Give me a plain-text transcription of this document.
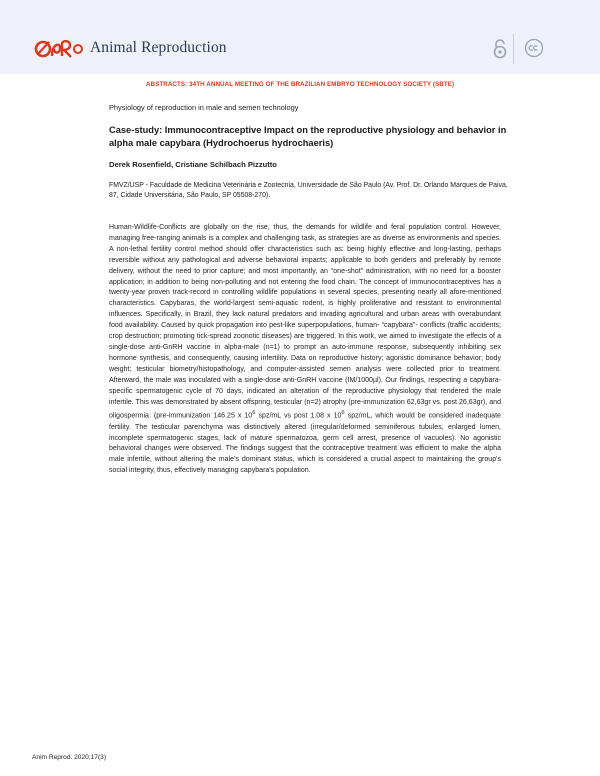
Animal Reproduction
ABSTRACTS: 34TH ANNUAL MEETING OF THE BRAZILIAN EMBRYO TECHNOLOGY SOCIETY (SBTE)
Physiology of reproduction in male and semen technology
Case-study: Immunocontraceptive Impact on the reproductive physiology and behavior in alpha male capybara (Hydrochoerus hydrochaeris)
Derek Rosenfield, Cristiane Schilbach Pizzutto
FMVZ/USP - Faculdade de Medicina Veterinária e Zootecnia, Universidade de São Paulo (Av. Prof. Dr. Orlando Marques de Paiva, 87, Cidade Universitária, São Paulo, SP 05508-270).
Human-Wildlife-Conflicts are globally on the rise, thus, the demands for wildlife and feral population control. However, managing free-ranging animals is a complex and challenging task, as strategies are as diverse as environments and species. A non-lethal fertility control method should offer characteristics such as: being highly effective and long-lasting, perhaps reversible without any pathological and adverse behavioral impacts; applicable to both genders and preferably by remote delivery, without the need to prior capture; and most importantly, an “one-shot” administration, with no need for a booster application; in addition to being non-polluting and not entering the food chain. The concept of immunocontraceptives has a twenty-year proven track-record in controlling wildlife populations in several species, presenting nearly all afore-mentioned characteristics. Capybaras, the world-largest semi-aquatic rodent, is highly proliferative and resistant to environmental influences. Specifically, in Brazil, they lack natural predators and invading agricultural and urban areas with overabundant food availability. Caused by quick propagation into pest-like superpopulations, human- “capybara”- conflicts (traffic accidents; crop destruction; promoting tick-spread zoonotic diseases) are triggered. In this work, we aimed to investigate the effects of a single-dose anti-GnRH vaccine in alpha-male (n=1) to prompt an auto-immune response, subsequently inhibiting sex hormone synthesis, and consequently, causing infertility. Data on reproductive history; agonistic dominance behavior; body weight; testicular biometry/histopathology, and computer-assisted semen analysis were collected prior to treatment. Afterward, the male was inoculated with a single-dose anti-GnRH vaccine (IM/1000µl). Our findings, respecting a capybara-specific spermatogenic cycle of 70 days, indicated an alteration of the reproductive physiology that rendered the male infertile. This was demonstrated by absent offspring, testicular (n=2) atrophy (pre-immunization 62,63gr vs. post 26,63gr), and oligospermia: (pre-immunization 146.25 x $10^6$ spz/mL vs post 1.08 x $10^6$ spz/mL, which would be considered inadequate fertility. The testicular parenchyma was distinctively altered (irregular/deformed seminiferous tubules, enlarged lumen, incomplete spermatogenic stages, lack of mature spermatozoa, germ cell arrest, presence of vacuoles). No agonistic behavioral changes were observed. The findings suggest that the contraceptive treatment was efficient to make the alpha male infertile, without altering the male's dominant status, which is considered a crucial aspect to maintaining the group's social integrity, thus, effectively managing capybara's population.
Anim Reprod. 2020;17(3)
